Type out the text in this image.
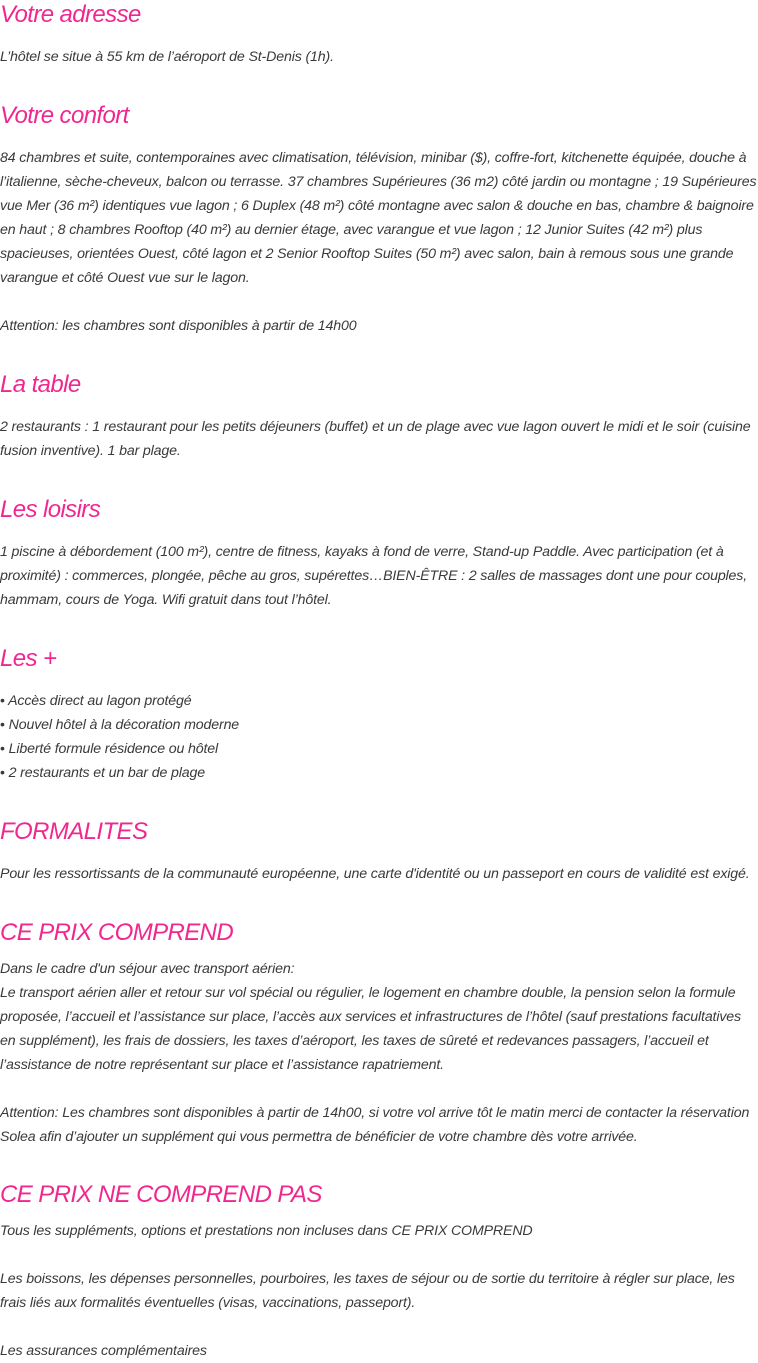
Votre adresse

L’hôtel se situe à 55 km de l’aéroport de St-Denis (1h).

Votre confort

84 chambres et suite, contemporaines avec climatisation, télévision, minibar ($), coffre-fort, kitchenette équipée, douche à l’italienne, sèche-cheveux, balcon ou terrasse. 37 chambres Supérieures (36 m2) côté jardin ou montagne ; 19 Supérieures vue Mer (36 m²) identiques vue lagon ; 6 Duplex (48 m²) côté montagne avec salon & douche en bas, chambre & baignoire en haut ; 8 chambres Rooftop (40 m²) au dernier étage, avec varangue et vue lagon ; 12 Junior Suites (42 m²) plus spacieuses, orientées Ouest, côté lagon et 2 Senior Rooftop Suites (50 m²) avec salon, bain à remous sous une grande varangue et côté Ouest vue sur le lagon.

Attention: les chambres sont disponibles à partir de 14h00

La table

2 restaurants : 1 restaurant pour les petits déjeuners (buffet) et un de plage avec vue lagon ouvert le midi et le soir (cuisine fusion inventive). 1 bar plage.

Les loisirs

1 piscine à débordement (100 m²), centre de fitness, kayaks à fond de verre, Stand-up Paddle. Avec participation (et à proximité) : commerces, plongée, pêche au gros, supérettes…BIEN-ÊTRE : 2 salles de massages dont une pour couples, hammam, cours de Yoga. Wifi gratuit dans tout l’hôtel.

Les +
• Accès direct au lagon protégé
• Nouvel hôtel à la décoration moderne
• Liberté formule résidence ou hôtel
• 2 restaurants et un bar de plage
FORMALITES

Pour les ressortissants de la communauté européenne, une carte d'identité ou un passeport en cours de validité est exigé.

CE PRIX COMPREND

Dans le cadre d'un séjour avec transport aérien:

Le transport aérien aller et retour sur vol spécial ou régulier, le logement en chambre double, la pension selon la formule proposée, l’accueil et l’assistance sur place, l’accès aux services et infrastructures de l’hôtel (sauf prestations facultatives en supplément), les frais de dossiers, les taxes d’aéroport, les taxes de sûreté et redevances passagers, l’accueil et l’assistance de notre représentant sur place et l’assistance rapatriement.

Attention: Les chambres sont disponibles à partir de 14h00, si votre vol arrive tôt le matin merci de contacter la réservation Solea afin d’ajouter un supplément qui vous permettra de bénéficier de votre chambre dès votre arrivée.

CE PRIX NE COMPREND PAS

Tous les suppléments, options et prestations non incluses dans CE PRIX COMPREND

Les boissons, les dépenses personnelles, pourboires, les taxes de séjour ou de sortie du territoire à régler sur place, les frais liés aux formalités éventuelles (visas, vaccinations, passeport).

Les assurances complémentaires
